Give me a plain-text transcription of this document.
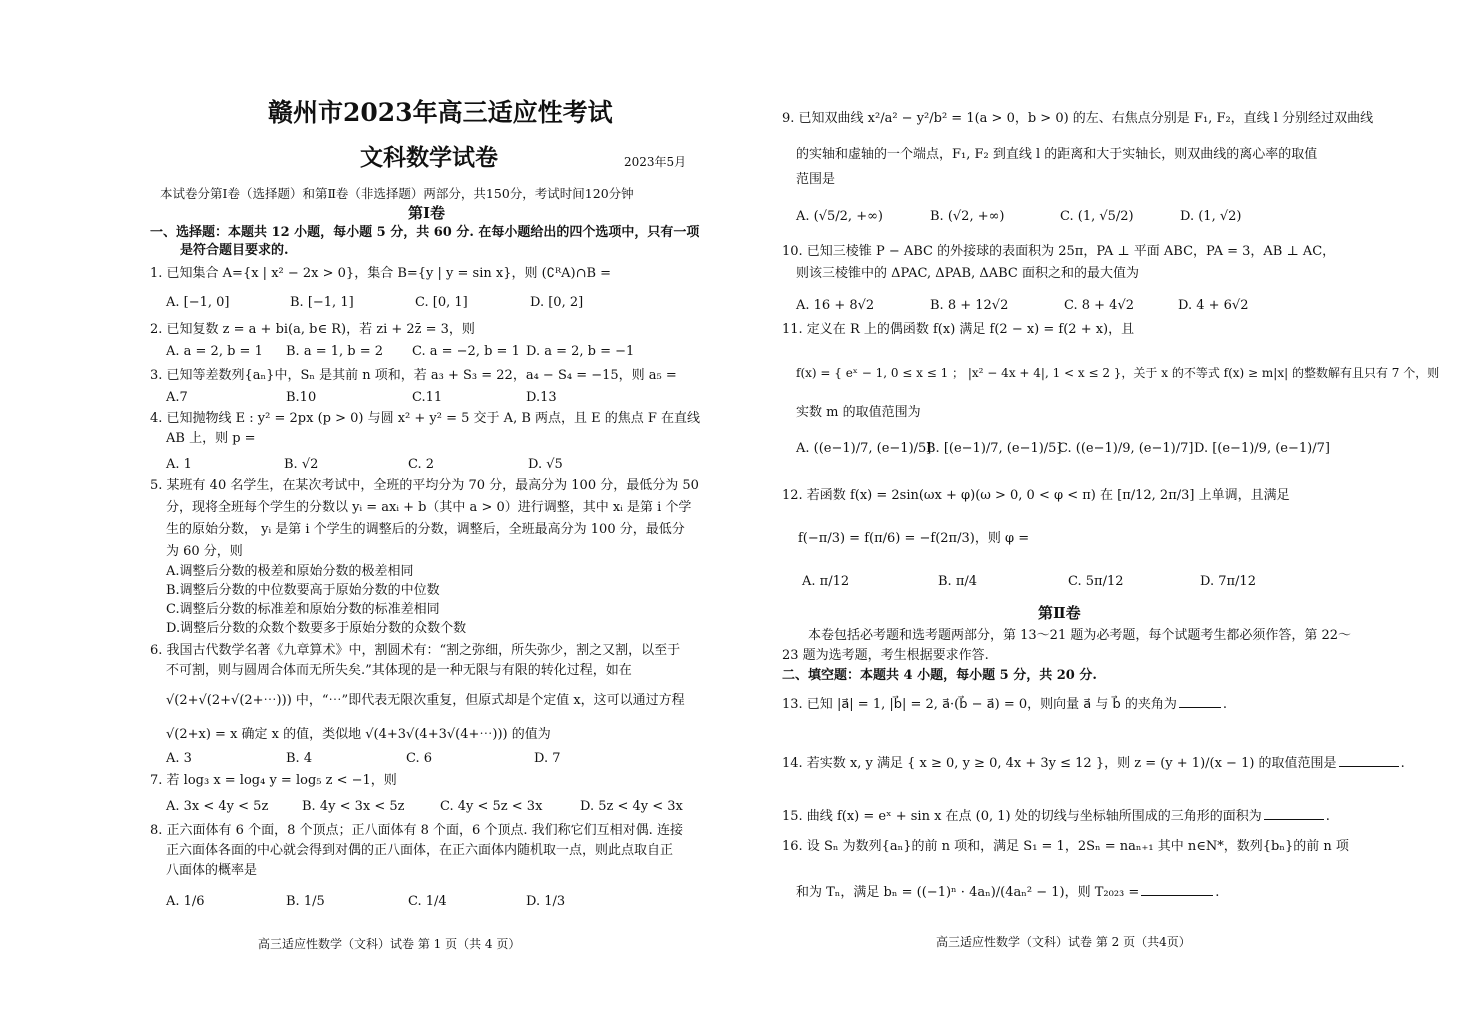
赣州市2023年高三适应性考试
文科数学试卷	2023年5月
本试卷分第Ⅰ卷（选择题）和第Ⅱ卷（非选择题）两部分，共150分，考试时间120分钟
第Ⅰ卷
一、选择题：本题共 12 小题，每小题 5 分，共 60 分. 在每小题给出的四个选项中，只有一项
是符合题目要求的.
1. 已知集合 A={x | x² − 2x > 0}，集合 B={y | y = sin x}，则 (∁ᴿA)∩B =
A. [−1, 0]	B. [−1, 1]	C. [0, 1]	D. [0, 2]
2. 已知复数 z = a + bi(a, b∈ R)，若 zi + 2z̄ = 3，则
A. a = 2, b = 1 B. a = 1, b = 2 C. a = −2, b = 1 D. a = 2, b = −1
3. 已知等差数列{aₙ}中，Sₙ 是其前 n 项和，若 a₃ + S₃ = 22，a₄ − S₄ = −15，则 a₅ =
A.7	B.10	C.11	D.13
4. 已知抛物线 E : y² = 2px (p > 0) 与圆 x² + y² = 5 交于 A, B 两点，且 E 的焦点 F 在直线
AB 上，则 p =
A. 1	B. √2	C. 2	D. √5
5. 某班有 40 名学生，在某次考试中，全班的平均分为 70 分，最高分为 100 分，最低分为 50
分，现将全班每个学生的分数以 yᵢ = axᵢ + b（其中 a > 0）进行调整，其中 xᵢ 是第 i 个学
生的原始分数， yᵢ 是第 i 个学生的调整后的分数，调整后，全班最高分为 100 分，最低分
为 60 分，则
A.调整后分数的极差和原始分数的极差相同
B.调整后分数的中位数要高于原始分数的中位数
C.调整后分数的标准差和原始分数的标准差相同
D.调整后分数的众数个数要多于原始分数的众数个数
6. 我国古代数学名著《九章算术》中，割圆术有：“割之弥细，所失弥少，割之又割，以至于
不可割，则与圆周合体而无所失矣.”其体现的是一种无限与有限的转化过程，如在
√(2+√(2+√(2+⋯))) 中，“⋯”即代表无限次重复，但原式却是个定值 x，这可以通过方程
√(2+x) = x 确定 x 的值，类似地 √(4+3√(4+3√(4+⋯))) 的值为
A. 3	B. 4	C. 6	D. 7
7. 若 log₃ x = log₄ y = log₅ z < −1，则
A. 3x < 4y < 5z	B. 4y < 3x < 5z	C. 4y < 5z < 3x	D. 5z < 4y < 3x
8. 正六面体有 6 个面，8 个顶点；正八面体有 8 个面，6 个顶点. 我们称它们互相对偶. 连接
正六面体各面的中心就会得到对偶的正八面体，在正六面体内随机取一点，则此点取自正
八面体的概率是
A. 1/6	B. 1/5	C. 1/4	D. 1/3
高三适应性数学（文科）试卷 第 1 页（共 4 页）
9. 已知双曲线 x²/a² − y²/b² = 1(a > 0，b > 0) 的左、右焦点分别是 F₁, F₂，直线 l 分别经过双曲线
的实轴和虚轴的一个端点，F₁, F₂ 到直线 l 的距离和大于实轴长，则双曲线的离心率的取值
范围是
A. (√5/2, +∞)	B. (√2, +∞)	C. (1, √5/2)	D. (1, √2)
10. 已知三棱锥 P − ABC 的外接球的表面积为 25π，PA ⊥ 平面 ABC，PA = 3，AB ⊥ AC，
则该三棱锥中的 ΔPAC, ΔPAB, ΔABC 面积之和的最大值为
A. 16 + 8√2	B. 8 + 12√2	C. 8 + 4√2	D. 4 + 6√2
11. 定义在 R 上的偶函数 f(x) 满足 f(2 − x) = f(2 + x)，且
f(x) = { eˣ − 1, 0 ≤ x ≤ 1 ； |x² − 4x + 4|, 1 < x ≤ 2 }，关于 x 的不等式 f(x) ≥ m|x| 的整数解有且只有 7 个，则
实数 m 的取值范围为
A. ((e−1)/7, (e−1)/5]
B. [(e−1)/7, (e−1)/5]
C. ((e−1)/9, (e−1)/7] D. [(e−1)/9, (e−1)/7]
12. 若函数 f(x) = 2sin(ωx + φ)(ω > 0, 0 < φ < π) 在 [π/12, 2π/3] 上单调，且满足
f(−π/3) = f(π/6) = −f(2π/3)，则 φ =
A. π/12	B. π/4	C. 5π/12	D. 7π/12
第Ⅱ卷
本卷包括必考题和选考题两部分，第 13～21 题为必考题，每个试题考生都必须作答，第 22～
23 题为选考题，考生根据要求作答.
二、填空题：本题共 4 小题，每小题 5 分，共 20 分.
13. 已知 |a⃗| = 1, |b⃗| = 2, a⃗·(b⃗ − a⃗) = 0，则向量 a⃗ 与 b⃗ 的夹角为	.
14. 若实数 x, y 满足 { x ≥ 0, y ≥ 0, 4x + 3y ≤ 12 }，则 z = (y + 1)/(x − 1) 的取值范围是	.
15. 曲线 f(x) = eˣ + sin x 在点 (0, 1) 处的切线与坐标轴所围成的三角形的面积为	.
16. 设 Sₙ 为数列{aₙ}的前 n 项和，满足 S₁ = 1，2Sₙ = naₙ₊₁ 其中 n∈N*，数列{bₙ}的前 n 项
和为 Tₙ，满足 bₙ = ((−1)ⁿ · 4aₙ)/(4aₙ² − 1)，则 T₂₀₂₃ =	.
高三适应性数学（文科）试卷 第 2 页（共4页）
